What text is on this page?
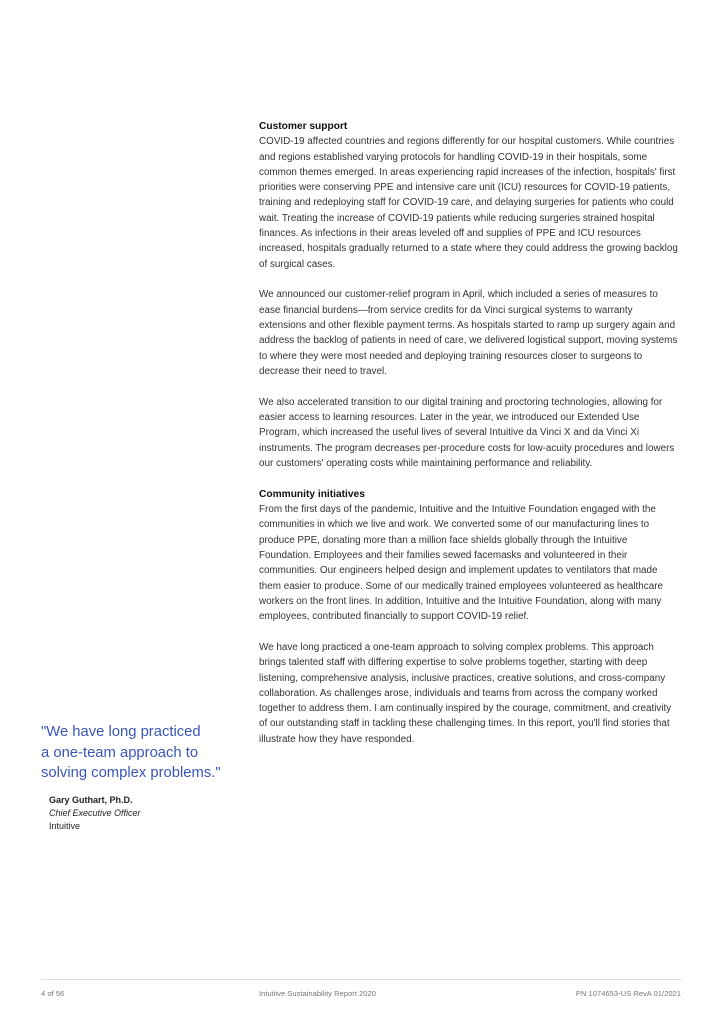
Customer support

COVID-19 affected countries and regions differently for our hospital customers. While countries and regions established varying protocols for handling COVID-19 in their hospitals, some common themes emerged. In areas experiencing rapid increases of the infection, hospitals' first priorities were conserving PPE and intensive care unit (ICU) resources for COVID-19 patients, training and redeploying staff for COVID-19 care, and delaying surgeries for patients who could wait. Treating the increase of COVID-19 patients while reducing surgeries strained hospital finances. As infections in their areas leveled off and supplies of PPE and ICU resources increased, hospitals gradually returned to a state where they could address the growing backlog of surgical cases.

We announced our customer-relief program in April, which included a series of measures to ease financial burdens—from service credits for da Vinci surgical systems to warranty extensions and other flexible payment terms. As hospitals started to ramp up surgery again and address the backlog of patients in need of care, we delivered logistical support, moving systems to where they were most needed and deploying training resources closer to surgeons to decrease their need to travel.

We also accelerated transition to our digital training and proctoring technologies, allowing for easier access to learning resources. Later in the year, we introduced our Extended Use Program, which increased the useful lives of several Intuitive da Vinci X and da Vinci Xi instruments. The program decreases per-procedure costs for low-acuity procedures and lowers our customers' operating costs while maintaining performance and reliability.

Community initiatives

From the first days of the pandemic, Intuitive and the Intuitive Foundation engaged with the communities in which we live and work. We converted some of our manufacturing lines to produce PPE, donating more than a million face shields globally through the Intuitive Foundation. Employees and their families sewed facemasks and volunteered in their communities. Our engineers helped design and implement updates to ventilators that made them easier to produce. Some of our medically trained employees volunteered as healthcare workers on the front lines. In addition, Intuitive and the Intuitive Foundation, along with many employees, contributed financially to support COVID-19 relief.

We have long practiced a one-team approach to solving complex problems. This approach brings talented staff with differing expertise to solve problems together, starting with deep listening, comprehensive analysis, inclusive practices, creative solutions, and cross-company collaboration. As challenges arose, individuals and teams from across the company worked together to address them. I am continually inspired by the courage, commitment, and creativity of our outstanding staff in tackling these challenging times. In this report, you'll find stories that illustrate how they have responded.

"We have long practiced
a one-team approach to
solving complex problems."

Gary Guthart, Ph.D.
Chief Executive Officer
Intuitive
4 of 56	Intuitive Sustainability Report 2020	PN 1074653-US RevA 01/2021
